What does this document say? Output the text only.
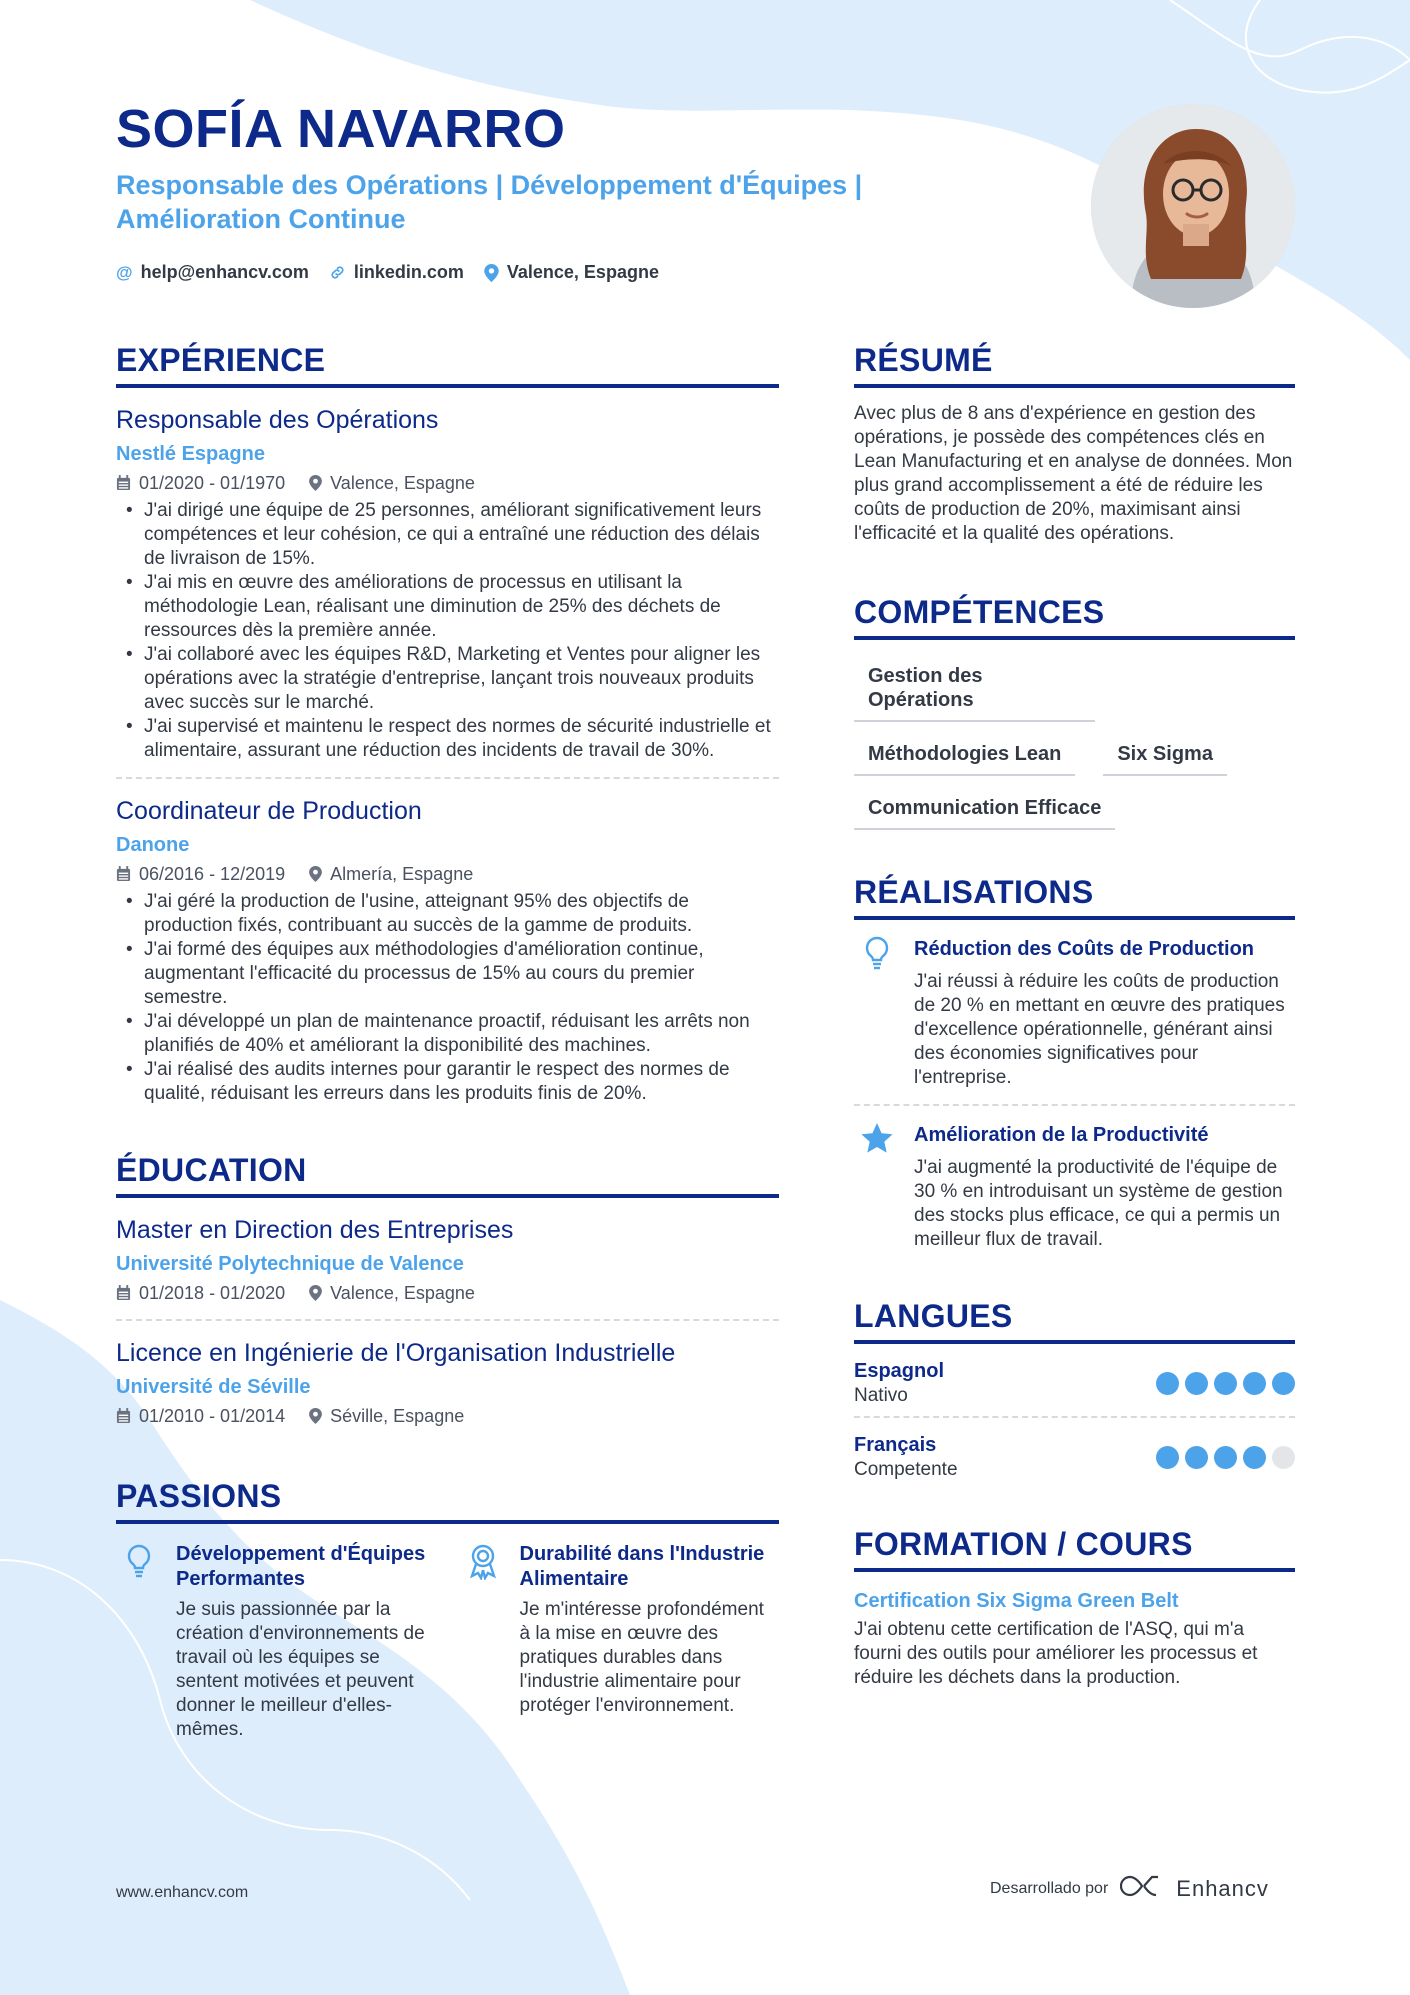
SOFÍA NAVARRO
Responsable des Opérations | Développement d'Équipes | Amélioration Continue
@ help@enhancv.com	linkedin.com Valence, Espagne
EXPÉRIENCE
Responsable des Opérations
Nestlé Espagne
01/2020 - 01/1970	Valence, Espagne
• J'ai dirigé une équipe de 25 personnes, améliorant significativement leurs compétences et leur cohésion, ce qui a entraîné une réduction des délais de livraison de 15%.
• J'ai mis en œuvre des améliorations de processus en utilisant la méthodologie Lean, réalisant une diminution de 25% des déchets de ressources dès la première année.
• J'ai collaboré avec les équipes R&D, Marketing et Ventes pour aligner les opérations avec la stratégie d'entreprise, lançant trois nouveaux produits avec succès sur le marché.
• J'ai supervisé et maintenu le respect des normes de sécurité industrielle et alimentaire, assurant une réduction des incidents de travail de 30%.
Coordinateur de Production
Danone
06/2016 - 12/2019	Almería, Espagne
• J'ai géré la production de l'usine, atteignant 95% des objectifs de production fixés, contribuant au succès de la gamme de produits.
• J'ai formé des équipes aux méthodologies d'amélioration continue, augmentant l'efficacité du processus de 15% au cours du premier semestre.
• J'ai développé un plan de maintenance proactif, réduisant les arrêts non planifiés de 40% et améliorant la disponibilité des machines.
• J'ai réalisé des audits internes pour garantir le respect des normes de qualité, réduisant les erreurs dans les produits finis de 20%.
ÉDUCATION
Master en Direction des Entreprises
Université Polytechnique de Valence
01/2018 - 01/2020	Valence, Espagne
Licence en Ingénierie de l'Organisation Industrielle
Université de Séville
01/2010 - 01/2014	Séville, Espagne
PASSIONS
Développement d'Équipes Performantes

Je suis passionnée par la création d'environnements de travail où les équipes se sentent motivées et peuvent donner le meilleur d'elles-mêmes.

Durabilité dans l'Industrie Alimentaire

Je m'intéresse profondément à la mise en œuvre des pratiques durables dans l'industrie alimentaire pour protéger l'environnement.

RÉSUMÉ

Avec plus de 8 ans d'expérience en gestion des opérations, je possède des compétences clés en Lean Manufacturing et en analyse de données. Mon plus grand accomplissement a été de réduire les coûts de production de 20%, maximisant ainsi l'efficacité et la qualité des opérations.

COMPÉTENCES
Gestion des Opérations
Méthodologies Lean	Six Sigma
Communication Efficace
RÉALISATIONS
Réduction des Coûts de Production

J'ai réussi à réduire les coûts de production de 20 % en mettant en œuvre des pratiques d'excellence opérationnelle, générant ainsi des économies significatives pour l'entreprise.

Amélioration de la Productivité

J'ai augmenté la productivité de l'équipe de 30 % en introduisant un système de gestion des stocks plus efficace, ce qui a permis un meilleur flux de travail.

LANGUES
Espagnol
Nativo
Français
Competente
FORMATION / COURS
Certification Six Sigma Green Belt

J'ai obtenu cette certification de l'ASQ, qui m'a fourni des outils pour améliorer les processus et réduire les déchets dans la production.

www.enhancv.com	Desarrollado por	Enhancv
